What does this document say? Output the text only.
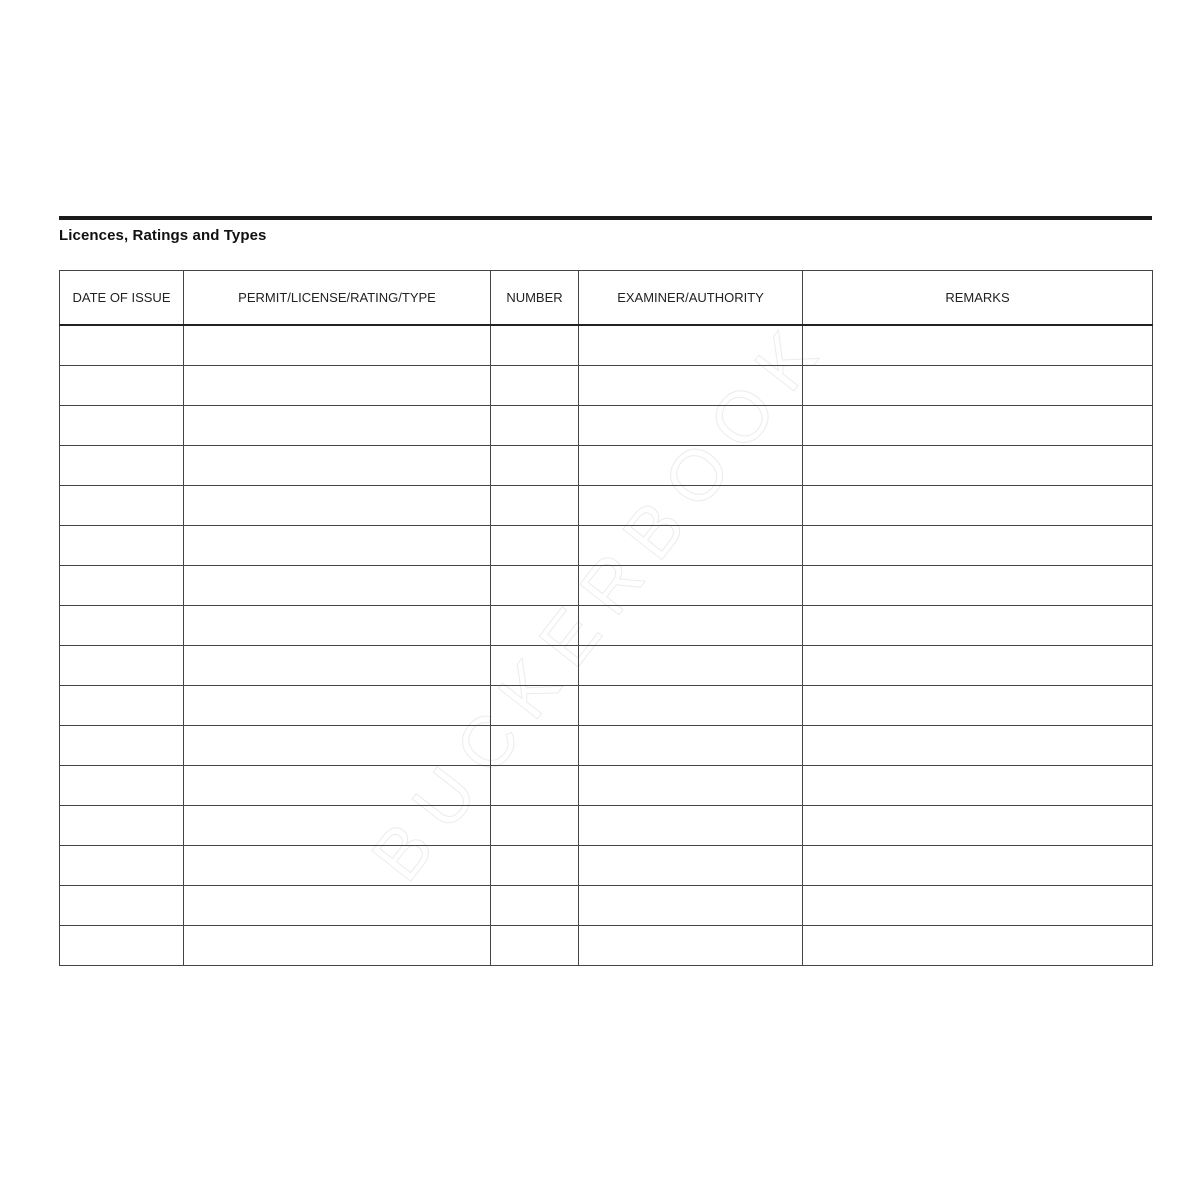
Licences, Ratings and Types
BUCKERBOOK
DATE OF ISSUE	PERMIT/LICENSE/RATING/TYPE	NUMBER	EXAMINER/AUTHORITY	REMARKS
